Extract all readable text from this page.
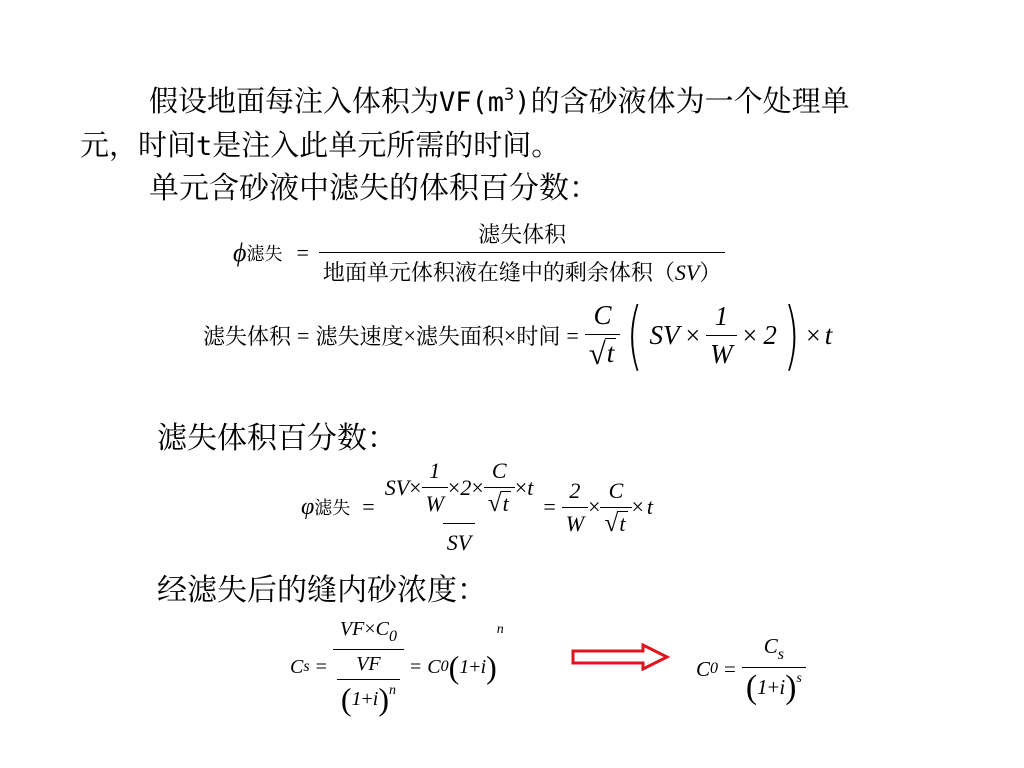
假设地面每注入体积为$VF(m^3)$的含砂液体为一个处理单
元，时间t是注入此单元所需的时间。
单元含砂液中滤失的体积百分数：
ϕ 滤失 = $\frac{\text{滤失体积}}{\text{地面单元体积液在缝中的剩余体积（SV）}}$
滤失体积 = 滤失速度 × 滤失面积 × 时间 = $\frac{C}{√ t}$ ( SV × $\frac{1}{W} \times 2$ ) × t
滤失体积百分数：
φ 滤失 =
SV × $\frac{1}{W} \times 2 \times \frac{C}{√ t} \times t$
SV
= $\frac{2}{W} \times \frac{C}{√ t} \times t$
经滤失后的缝内砂浓度：
C $s = \frac{VF\times C_0}{\frac{VF}{( 1 + i ) n}} = C$ 0 ( 1 + i )
n
C $0 = \frac{C_s}{( 1 + i ) s}$
